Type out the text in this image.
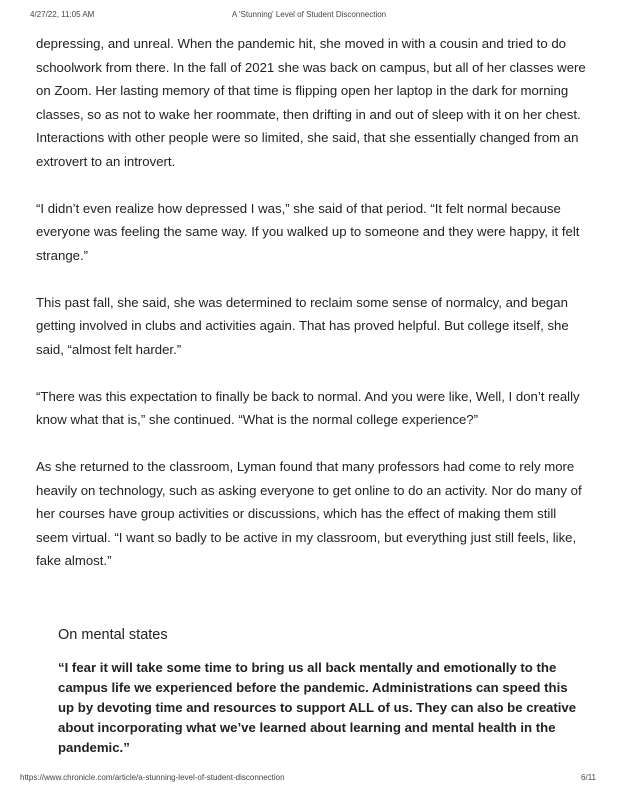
4/27/22, 11:05 AM	A 'Stunning' Level of Student Disconnection

depressing, and unreal. When the pandemic hit, she moved in with a cousin and tried to do schoolwork from there. In the fall of 2021 she was back on campus, but all of her classes were on Zoom. Her lasting memory of that time is flipping open her laptop in the dark for morning classes, so as not to wake her roommate, then drifting in and out of sleep with it on her chest. Interactions with other people were so limited, she said, that she essentially changed from an extrovert to an introvert.

“I didn’t even realize how depressed I was,” she said of that period. “It felt normal because everyone was feeling the same way. If you walked up to someone and they were happy, it felt strange.”

This past fall, she said, she was determined to reclaim some sense of normalcy, and began getting involved in clubs and activities again. That has proved helpful. But college itself, she said, “almost felt harder.”

“There was this expectation to finally be back to normal. And you were like, Well, I don’t really know what that is,” she continued. “What is the normal college experience?”

As she returned to the classroom, Lyman found that many professors had come to rely more heavily on technology, such as asking everyone to get online to do an activity. Nor do many of her courses have group activities or discussions, which has the effect of making them still seem virtual. “I want so badly to be active in my classroom, but everything just still feels, like, fake almost.”

On mental states

“I fear it will take some time to bring us all back mentally and emotionally to the campus life we experienced before the pandemic. Administrations can speed this up by devoting time and resources to support ALL of us. They can also be creative about incorporating what we’ve learned about learning and mental health in the pandemic.”

https://www.chronicle.com/article/a-stunning-level-of-student-disconnection	6/11
